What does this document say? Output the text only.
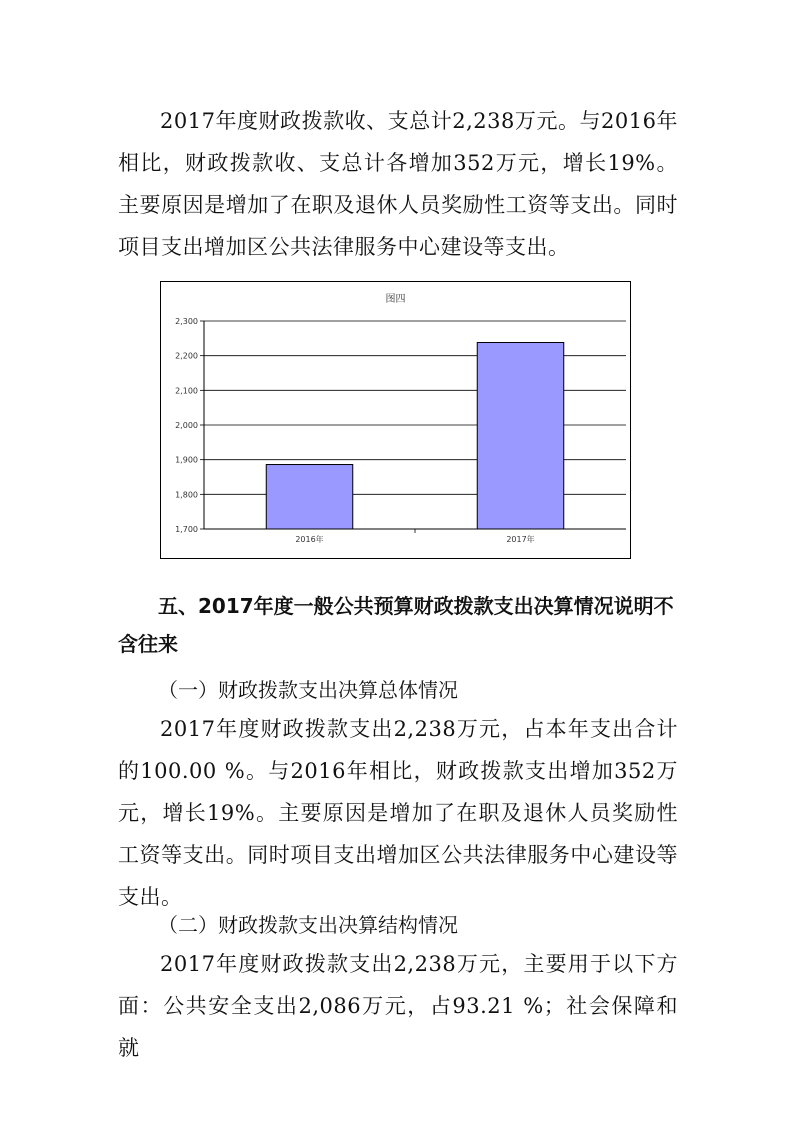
2017年度财政拨款收、支总计2,238万元。与2016年相比，财政拨款收、支总计各增加352万元，增长19%。主要原因是增加了在职及退休人员奖励性工资等支出。同时项目支出增加区公共法律服务中心建设等支出。

图四
1,700
1,800
1,900
2,000
2,100
2,200
2,300
2016年	2017年

五、2017年度一般公共预算财政拨款支出决算情况说明不含往来

（一）财政拨款支出决算总体情况

2017年度财政拨款支出2,238万元，占本年支出合计的100.00 %。与2016年相比，财政拨款支出增加352万元，增长19%。主要原因是增加了在职及退休人员奖励性工资等支出。同时项目支出增加区公共法律服务中心建设等支出。

（二）财政拨款支出决算结构情况

2017年度财政拨款支出2,238万元，主要用于以下方面：公共安全支出2,086万元，占93.21 %；社会保障和就
